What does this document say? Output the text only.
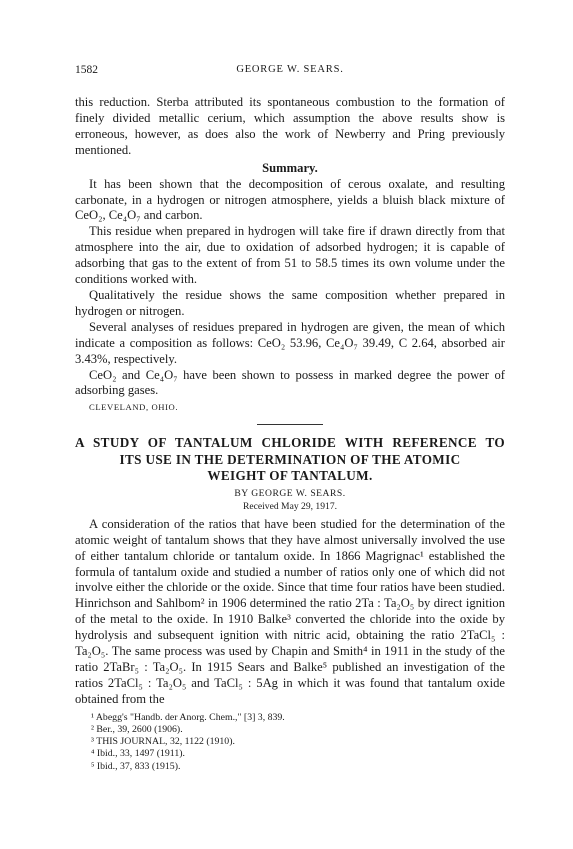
1582	GEORGE W. SEARS.

this reduction. Sterba attributed its spontaneous combustion to the formation of finely divided metallic cerium, which assumption the above results show is erroneous, however, as does also the work of Newberry and Pring previously mentioned.

Summary.

It has been shown that the decomposition of cerous oxalate, and resulting carbonate, in a hydrogen or nitrogen atmosphere, yields a bluish black mixture of CeO₂, Ce₄O₇ and carbon.

This residue when prepared in hydrogen will take fire if drawn directly from that atmosphere into the air, due to oxidation of adsorbed hydrogen; it is capable of adsorbing that gas to the extent of from 51 to 58.5 times its own volume under the conditions worked with.

Qualitatively the residue shows the same composition whether prepared in hydrogen or nitrogen.

Several analyses of residues prepared in hydrogen are given, the mean of which indicate a composition as follows: CeO₂ 53.96, Ce₄O₇ 39.49, C 2.64, absorbed air 3.43%, respectively.

CeO₂ and Ce₄O₇ have been shown to possess in marked degree the power of adsorbing gases.

CLEVELAND, OHIO.
A STUDY OF TANTALUM CHLORIDE WITH REFERENCE TO
ITS USE IN THE DETERMINATION OF THE ATOMIC
WEIGHT OF TANTALUM.
BY GEORGE W. SEARS.
Received May 29, 1917.

A consideration of the ratios that have been studied for the determination of the atomic weight of tantalum shows that they have almost universally involved the use of either tantalum chloride or tantalum oxide. In 1866 Magrignac¹ established the formula of tantalum oxide and studied a number of ratios only one of which did not involve either the chloride or the oxide. Since that time four ratios have been studied. Hinrichson and Sahlbom² in 1906 determined the ratio 2Ta : Ta₂O₅ by direct ignition of the metal to the oxide. In 1910 Balke³ converted the chloride into the oxide by hydrolysis and subsequent ignition with nitric acid, obtaining the ratio 2TaCl₅ : Ta₂O₅. The same process was used by Chapin and Smith⁴ in 1911 in the study of the ratio 2TaBr₅ : Ta₂O₅. In 1915 Sears and Balke⁵ published an investigation of the ratios 2TaCl₅ : Ta₂O₅ and TaCl₅ : 5Ag in which it was found that tantalum oxide obtained from the

¹ Abegg's "Handb. der Anorg. Chem.," [3] 3, 839.
² Ber., 39, 2600 (1906).
³ THIS JOURNAL, 32, 1122 (1910).
⁴ Ibid., 33, 1497 (1911).
⁵ Ibid., 37, 833 (1915).
